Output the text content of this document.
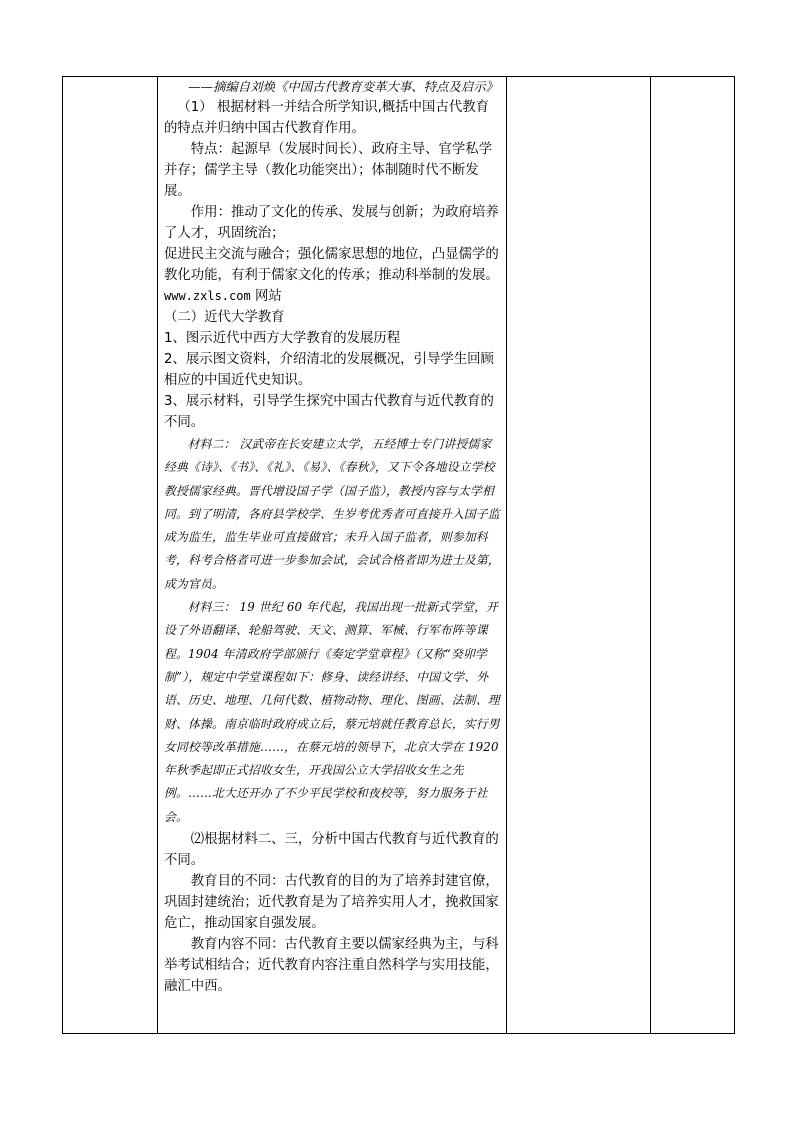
——摘编自刘焕《中国古代教育变革大事、特点及启示》

（1） 根据材料一并结合所学知识,概括中国古代教育的特点并归纳中国古代教育作用。

特点：起源早（发展时间长）、政府主导、官学私学并存；儒学主导（教化功能突出）；体制随时代不断发展。

作用：推动了文化的传承、发展与创新；为政府培养了人才，巩固统治；

促进民主交流与融合；强化儒家思想的地位，凸显儒学的教化功能，有利于儒家文化的传承；推动科举制的发展。

www.zxls.com 网站

（二）近代大学教育

1、图示近代中西方大学教育的发展历程

2、展示图文资料，介绍清北的发展概况，引导学生回顾相应的中国近代史知识。

3、展示材料，引导学生探究中国古代教育与近代教育的不同。

材料二： 汉武帝在长安建立太学，五经博士专门讲授儒家经典《诗》、《书》、《礼》、《易》、《春秋》，又下令各地设立学校教授儒家经典。晋代增设国子学（国子监），教授内容与太学相同。到了明清，各府县学校学、生岁考优秀者可直接升入国子监成为监生，监生毕业可直接做官；未升入国子监者，则参加科考，科考合格者可进一步参加会试，会试合格者即为进士及第，成为官员。

材料三： 19 世纪 60 年代起，我国出现一批新式学堂，开设了外语翻译、轮船驾驶、天文、测算、军械、行军布阵等课程。1904 年清政府学部颁行《奏定学堂章程》（又称“癸卯学制”），规定中学堂课程如下：修身、读经讲经、中国文学、外语、历史、地理、几何代数、植物动物、理化、图画、法制、理财、体操。南京临时政府成立后，蔡元培就任教育总长，实行男女同校等改革措施……，在蔡元培的领导下，北京大学在 1920 年秋季起即正式招收女生，开我国公立大学招收女生之先例。……北大还开办了不少平民学校和夜校等，努力服务于社会。

⑵根据材料二、三，分析中国古代教育与近代教育的不同。

教育目的不同：古代教育的目的为了培养封建官僚，巩固封建统治；近代教育是为了培养实用人才，挽救国家危亡，推动国家自强发展。

教育内容不同：古代教育主要以儒家经典为主，与科举考试相结合；近代教育内容注重自然科学与实用技能，融汇中西。
